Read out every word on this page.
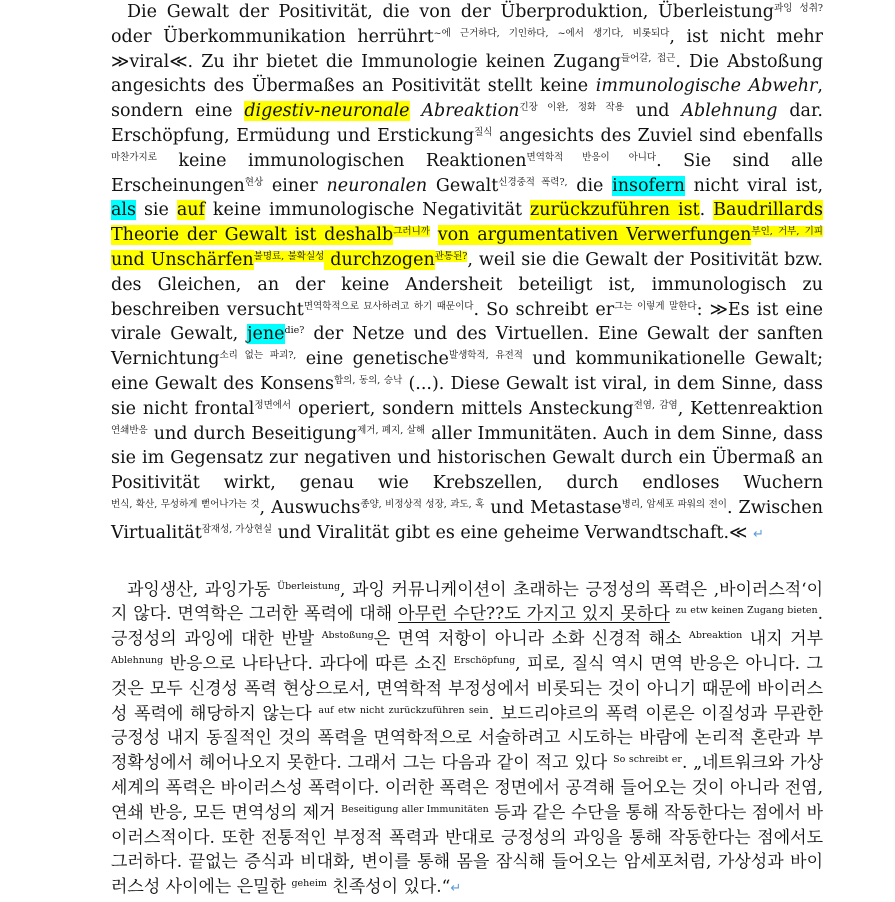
Die Gewalt der Positivität, die von der Überproduktion, Überleistung$^{과잉 성취?}$ oder Überkommunikation herrührt$^{\sim 에 근거하다, 기인하다, \sim 에서 생기다, 비롯되다}$, ist nicht mehr ≫viral≪. Zu ihr bietet die Immunologie keinen Zugang$^{들어갈, 접근}$. Die Abstoßung angesichts des Übermaßes an Positivität stellt keine immunologische Abwehr, sondern eine digestiv-neuronale Abreaktion$^{긴장 이완, 정화 작용}$ und Ablehnung dar. Erschöpfung, Ermüdung und Erstickung$^{질식}$ angesichts des Zuviel sind ebenfalls$^{마찬가지로}$ keine immunologischen Reaktionen$^{면역학적 반응이 아니다}$. Sie sind alle Erscheinungen$^{현상}$ einer neuronalen Gewalt$^{신경중적 폭력?,}$ die insofern nicht viral ist, als sie auf keine immunologische Negativität zurückzuführen ist. Baudrillards Theorie der Gewalt ist deshalb$^{그러니까}$ von argumentativen Verwerfungen$^{부인, 거부, 기피}$ und Unschärfen$^{불명료, 불확실성}$ durchzogen$^{관통된?}$, weil sie die Gewalt der Positivität bzw. des Gleichen, an der keine Andersheit beteiligt ist, immunologisch zu beschreiben versucht$^{면역학적으로 묘사하려고 하기 때문이다}$. So schreibt $er^{그는 이렇게 말한다}$: ≫Es ist eine virale Gewalt, jene$^{die?}$ der Netze und des Virtuellen. Eine Gewalt der sanften Vernichtung$^{소리 없는 파괴?,}$ eine genetische$^{발생학적, 유전적}$ und kommunikationelle Gewalt; eine Gewalt des Konsens$^{합의, 동의, 승낙}$ (...). Diese Gewalt ist viral, in dem Sinne, dass sie nicht frontal$^{정면에서}$ operiert, sondern mittels Ansteckung$^{전염, 감염}$, Kettenreaktion$^{연쇄반응}$ und durch Beseitigung$^{제거, 폐지, 살해}$ aller Immunitäten. Auch in dem Sinne, dass sie im Gegensatz zur negativen und historischen Gewalt durch ein Übermaß an Positivität wirkt, genau wie Krebszellen, durch endloses Wuchern$^{번식, 확산, 무성하게 뻗어나가는 것}$, Auswuchs$^{종양, 비정상적 성장, 과도, 혹}$ und Metastase$^{병리, 암세포 파워의 전이}$. Zwischen Virtualität$^{잠재성, 가상현실}$ und Viralität gibt es eine geheime Verwandtschaft.≪ ↵

과잉생산, 과잉가동 $^{Überleistung}$, 과잉 커뮤니케이션이 초래하는 긍정성의 폭력은 ‚바이러스적‘이지 않다. 면역학은 그러한 폭력에 대해 아무런 수단??도 가지고 있지 못하다 $^{zu etw keinen Zugang bieten}$. 긍정성의 과잉에 대한 반발 $^{Abstoßung}$은 면역 저항이 아니라 소화 신경적 해소 $^{Abreaktion}$ 내지 거부 $^{Ablehnung}$ 반응으로 나타난다. 과다에 따른 소진 $^{Erschöpfung}$, 피로, 질식 역시 면역 반응은 아니다. 그것은 모두 신경성 폭력 현상으로서, 면역학적 부정성에서 비롯되는 것이 아니기 때문에 바이러스성 폭력에 해당하지 않는다 $^{auf etw nicht zurückzuführen sein}$. 보드리야르의 폭력 이론은 이질성과 무관한 긍정성 내지 동질적인 것의 폭력을 면역학적으로 서술하려고 시도하는 바람에 논리적 혼란과 부정확성에서 헤어나오지 못한다. 그래서 그는 다음과 같이 적고 있다 $^{So schreibt er}$. „네트워크와 가상세계의 폭력은 바이러스성 폭력이다. 이러한 폭력은 정면에서 공격해 들어오는 것이 아니라 전염, 연쇄 반응, 모든 면역성의 제거 $^{Beseitigung aller Immunitäten}$ 등과 같은 수단을 통해 작동한다는 점에서 바이러스적이다. 또한 전통적인 부정적 폭력과 반대로 긍정성의 과잉을 통해 작동한다는 점에서도 그러하다. 끝없는 증식과 비대화, 변이를 통해 몸을 잠식해 들어오는 암세포처럼, 가상성과 바이러스성 사이에는 은밀한 $^{geheim}$ 친족성이 있다.“↵
